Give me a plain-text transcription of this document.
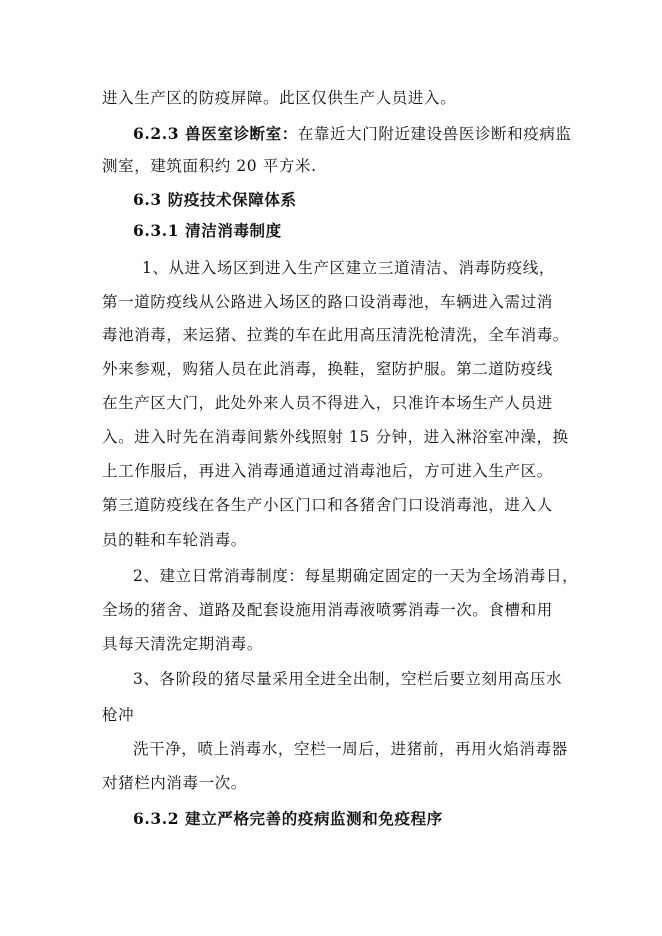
进入生产区的防疫屏障。此区仅供生产人员进入。
6.2.3 兽医室诊断室：在靠近大门附近建设兽医诊断和疫病监
测室，建筑面积约 20 平方米.
6.3 防疫技术保障体系
6.3.1 清洁消毒制度
1、从进入场区到进入生产区建立三道清洁、消毒防疫线，
第一道防疫线从公路进入场区的路口设消毒池，车辆进入需过消
毒池消毒，来运猪、拉粪的车在此用高压清洗枪清洗，全车消毒。
外来参观，购猪人员在此消毒，换鞋，窒防护服。第二道防疫线
在生产区大门，此处外来人员不得进入，只准许本场生产人员进
入。进入时先在消毒间紫外线照射 15 分钟，进入淋浴室冲澡，换
上工作服后，再进入消毒通道通过消毒池后，方可进入生产区。
第三道防疫线在各生产小区门口和各猪舍门口设消毒池，进入人
员的鞋和车轮消毒。
2、建立日常消毒制度：每星期确定固定的一天为全场消毒日，
全场的猪舍、道路及配套设施用消毒液喷雾消毒一次。食槽和用
具每天清洗定期消毒。
3、各阶段的猪尽量采用全进全出制，空栏后要立刻用高压水
枪冲
洗干净，喷上消毒水，空栏一周后，进猪前，再用火焰消毒器
对猪栏内消毒一次。
6.3.2 建立严格完善的疫病监测和免疫程序
